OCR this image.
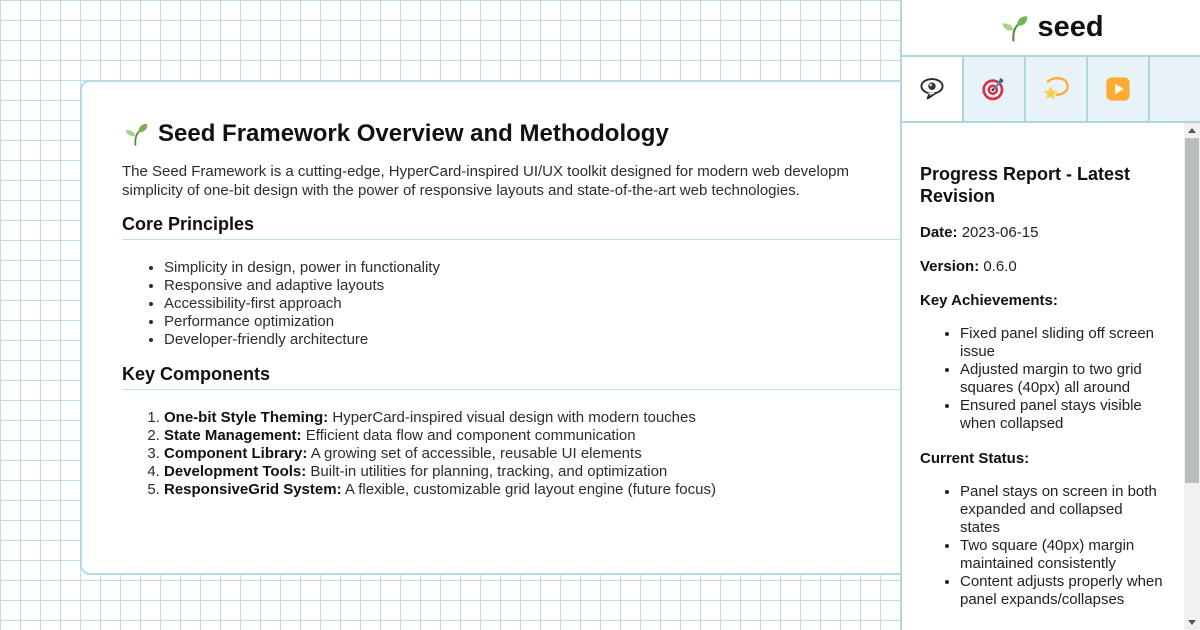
Seed Framework Overview and Methodology
The Seed Framework is a cutting-edge, HyperCard-inspired UI/UX toolkit designed for modern web developm
simplicity of one-bit design with the power of responsive layouts and state-of-the-art web technologies.
Core Principles
• Simplicity in design, power in functionality
• Responsive and adaptive layouts
• Accessibility-first approach
• Performance optimization
• Developer-friendly architecture
Key Components
1. One-bit Style Theming: HyperCard-inspired visual design with modern touches
2. State Management: Efficient data flow and component communication
3. Component Library: A growing set of accessible, reusable UI elements
4. Development Tools: Built-in utilities for planning, tracking, and optimization
5. ResponsiveGrid System: A flexible, customizable grid layout engine (future focus)
seed
Progress Report - Latest Revision

Date: 2023-06-15

Version: 0.6.0

Key Achievements:

• Fixed panel sliding off screen issue
• Adjusted margin to two grid squares (40px) all around
• Ensured panel stays visible when collapsed

Current Status:

• Panel stays on screen in both expanded and collapsed states
• Two square (40px) margin maintained consistently
• Content adjusts properly when panel expands/collapses
